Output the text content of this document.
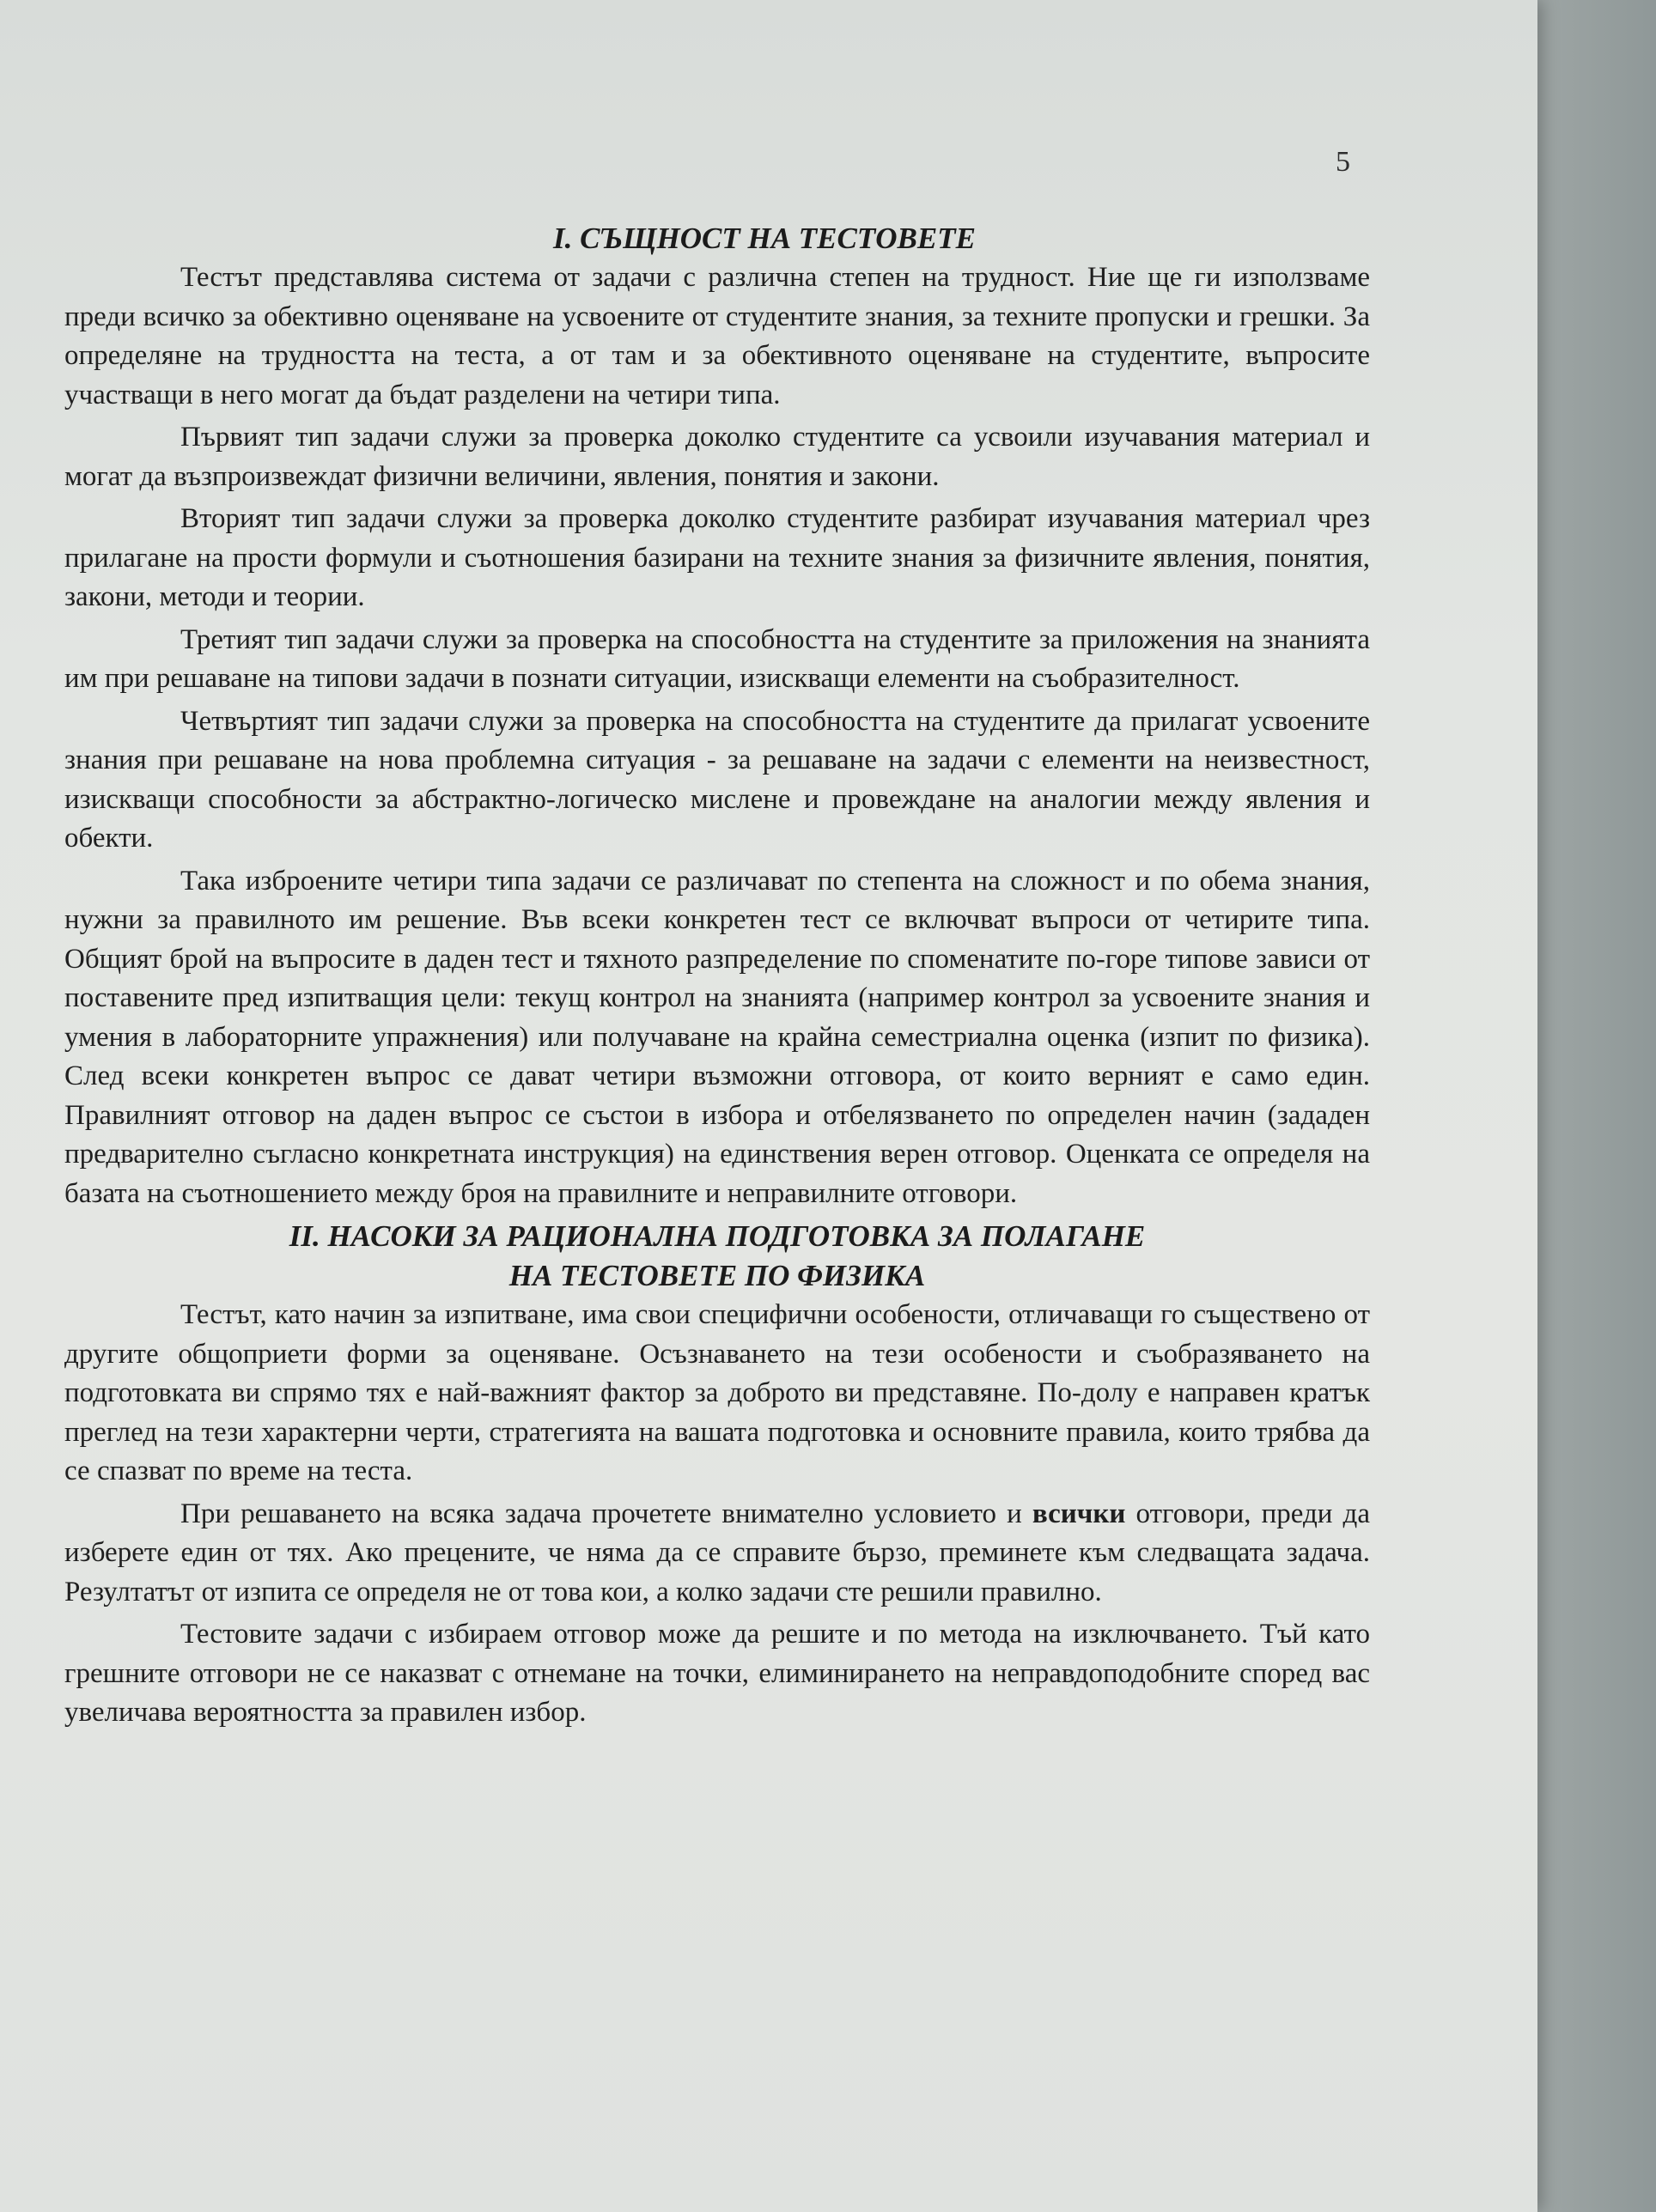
5
I. СЪЩНОСТ НА ТЕСТОВЕТЕ

Тестът представлява система от задачи с различна степен на трудност. Ние ще ги използваме преди всичко за обективно оценяване на усвоените от студентите знания, за техните пропуски и грешки. За определяне на трудността на теста, а от там и за обективното оценяване на студентите, въпросите участващи в него могат да бъдат разделени на четири типа.

Първият тип задачи служи за проверка доколко студентите са усвоили изучавания материал и могат да възпроизвеждат физични величини, явления, понятия и закони.

Вторият тип задачи служи за проверка доколко студентите разбират изучавания материал чрез прилагане на прости формули и съотношения базирани на техните знания за физичните явления, понятия, закони, методи и теории.

Третият тип задачи служи за проверка на способността на студентите за приложения на знанията им при решаване на типови задачи в познати ситуации, изискващи елементи на съобразителност.

Четвъртият тип задачи служи за проверка на способността на студентите да прилагат усвоените знания при решаване на нова проблемна ситуация - за решаване на задачи с елементи на неизвестност, изискващи способности за абстрактно-логическо мислене и провеждане на аналогии между явления и обекти.

Така изброените четири типа задачи се различават по степента на сложност и по обема знания, нужни за правилното им решение. Във всеки конкретен тест се включват въпроси от четирите типа. Общият брой на въпросите в даден тест и тяхното разпределение по споменатите по-горе типове зависи от поставените пред изпитващия цели: текущ контрол на знанията (например контрол за усвоените знания и умения в лабораторните упражнения) или получаване на крайна семестриална оценка (изпит по физика). След всеки конкретен въпрос се дават четири възможни отговора, от които верният е само един. Правилният отговор на даден въпрос се състои в избора и отбелязването по определен начин (зададен предварително съгласно конкретната инструкция) на единствения верен отговор. Оценката се определя на базата на съотношението между броя на правилните и неправилните отговори.

II. НАСОКИ ЗА РАЦИОНАЛНА ПОДГОТОВКА ЗА ПОЛАГАНЕ
НА ТЕСТОВЕТЕ ПО ФИЗИКА

Тестът, като начин за изпитване, има свои специфични особености, отличаващи го съществено от другите общоприети форми за оценяване. Осъзнаването на тези особености и съобразяването на подготовката ви спрямо тях е най-важният фактор за доброто ви представяне. По-долу е направен кратък преглед на тези характерни черти, стратегията на вашата подготовка и основните правила, които трябва да се спазват по време на теста.

При решаването на всяка задача прочетете внимателно условието и всички отговори, преди да изберете един от тях. Ако прецените, че няма да се справите бързо, преминете към следващата задача. Резултатът от изпита се определя не от това кои, а колко задачи сте решили правилно.

Тестовите задачи с избираем отговор може да решите и по метода на изключването. Тъй като грешните отговори не се наказват с отнемане на точки, елиминирането на неправдоподобните според вас увеличава вероятността за правилен избор.
